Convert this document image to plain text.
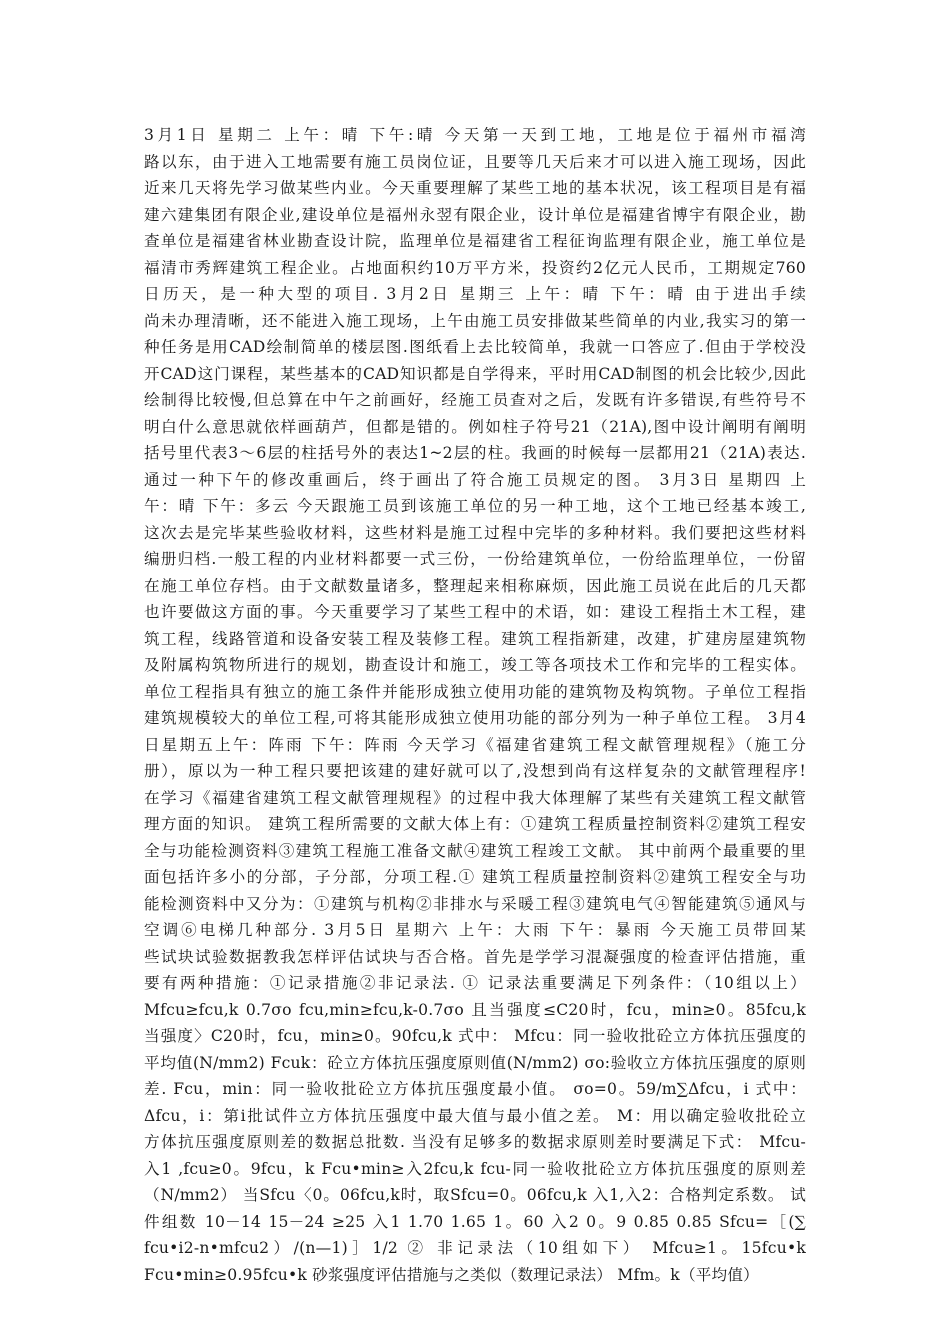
3月1日 星期二 上午：晴 下午:晴 今天第一天到工地，工地是位于福州市福湾
路以东，由于进入工地需要有施工员岗位证，且要等几天后来才可以进入施工现场，因此
近来几天将先学习做某些内业。今天重要理解了某些工地的基本状况，该工程项目是有福
建六建集团有限企业,建设单位是福州永翌有限企业，设计单位是福建省博宇有限企业，勘
查单位是福建省林业勘查设计院，监理单位是福建省工程征询监理有限企业，施工单位是
福清市秀辉建筑工程企业。占地面积约10万平方米，投资约2亿元人民币，工期规定760
日历天，是一种大型的项目. 3月2日 星期三 上午：晴 下午：晴 由于进出手续
尚未办理清晰，还不能进入施工现场，上午由施工员安排做某些简单的内业,我实习的第一
种任务是用CAD绘制简单的楼层图.图纸看上去比较简单，我就一口答应了.但由于学校没
开CAD这门课程，某些基本的CAD知识都是自学得来，平时用CAD制图的机会比较少,因此
绘制得比较慢,但总算在中午之前画好，经施工员查对之后，发既有许多错误,有些符号不
明白什么意思就依样画葫芦，但都是错的。例如柱子符号21（21A),图中设计阐明有阐明
括号里代表3～6层的柱括号外的表达1~2层的柱。我画的时候每一层都用21（21A)表达.
通过一种下午的修改重画后，终于画出了符合施工员规定的图。 3月3日 星期四 上
午：晴 下午：多云 今天跟施工员到该施工单位的另一种工地，这个工地已经基本竣工,
这次去是完毕某些验收材料，这些材料是施工过程中完毕的多种材料。我们要把这些材料
编册归档.一般工程的内业材料都要一式三份，一份给建筑单位，一份给监理单位，一份留
在施工单位存档。由于文献数量诸多，整理起来相称麻烦，因此施工员说在此后的几天都
也许要做这方面的事。今天重要学习了某些工程中的术语，如：建设工程指土木工程，建
筑工程，线路管道和设备安装工程及装修工程。建筑工程指新建，改建，扩建房屋建筑物
及附属构筑物所进行的规划，勘查设计和施工，竣工等各项技术工作和完毕的工程实体。
单位工程指具有独立的施工条件并能形成独立使用功能的建筑物及构筑物。子单位工程指
建筑规模较大的单位工程,可将其能形成独立使用功能的部分列为一种子单位工程。 3月4
日星期五上午：阵雨 下午：阵雨 今天学习《福建省建筑工程文献管理规程》（施工分
册），原以为一种工程只要把该建的建好就可以了,没想到尚有这样复杂的文献管理程序!
在学习《福建省建筑工程文献管理规程》的过程中我大体理解了某些有关建筑工程文献管
理方面的知识。 建筑工程所需要的文献大体上有：①建筑工程质量控制资料②建筑工程安
全与功能检测资料③建筑工程施工准备文献④建筑工程竣工文献。 其中前两个最重要的里
面包括许多小的分部，子分部，分项工程.① 建筑工程质量控制资料②建筑工程安全与功
能检测资料中又分为：①建筑与机构②非排水与采暖工程③建筑电气④智能建筑⑤通风与
空调⑥电梯几种部分. 3月5日 星期六 上午：大雨 下午：暴雨 今天施工员带回某
些试块试验数据教我怎样评估试块与否合格。首先是学学习混凝强度的检查评估措施，重
要有两种措施：①记录措施②非记录法. ① 记录法重要满足下列条件：（10组以上）
Mfcu≥fcu,k 0.7σo fcu,min≥fcu,k-0.7σo 且当强度≤C20时，fcu，min≥0。85fcu,k
当强度〉C20时，fcu，min≥0。90fcu,k 式中： Mfcu：同一验收批砼立方体抗压强度的
平均值(N/mm2) Fcuk：砼立方体抗压强度原则值(N/mm2) σo:验收立方体抗压强度的原则
差. Fcu，min：同一验收批砼立方体抗压强度最小值。 σo=0。59/m∑Δfcu，i 式中：
Δfcu，i：第i批试件立方体抗压强度中最大值与最小值之差。 M：用以确定验收批砼立
方体抗压强度原则差的数据总批数. 当没有足够多的数据求原则差时要满足下式： Mfcu-
入1 ,fcu≥0。9fcu，k Fcu•min≥入2fcu,k fcu-同一验收批砼立方体抗压强度的原则差
（N/mm2） 当Sfcu〈0。06fcu,k时，取Sfcu=0。06fcu,k 入1,入2：合格判定系数。 试
件组数 10－14 15－24 ≥25 入1 1.70 1.65 1。60 入2 0。9 0.85 0.85 Sfcu=［(∑
fcu•i2-n•mfcu2）/(n—1)］1/2 ② 非记录法（10组如下） Mfcu≥1。15fcu•k
Fcu•min≥0.95fcu•k 砂浆强度评估措施与之类似（数理记录法） Mfm。k（平均值）
